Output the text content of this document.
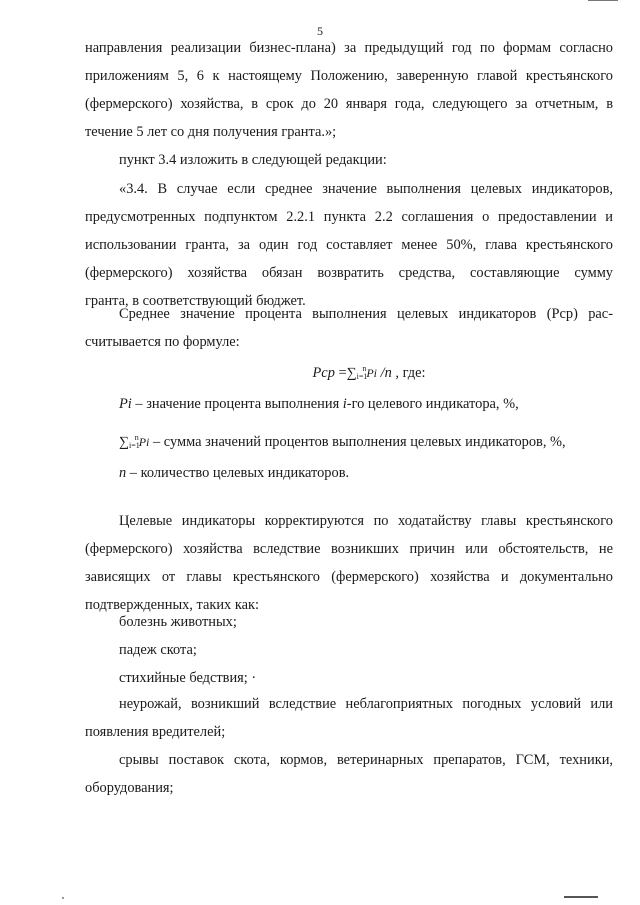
5
направления реализации бизнес-плана) за предыдущий год по формам согласно
приложениям 5, 6 к настоящему Положению, заверенную главой крестьянского
(фермерского) хозяйства, в срок до 20 января года, следующего за отчетным, в
течение 5 лет со дня получения гранта.»;
пункт 3.4 изложить в следующей редакции:
«3.4. В случае если среднее значение выполнения целевых индикаторов,
предусмотренных подпунктом 2.2.1 пункта 2.2 соглашения о предоставлении и
использовании гранта, за один год составляет менее 50%, глава крестьянского
(фермерского) хозяйства обязан возвратить средства, составляющие сумму
гранта, в соответствующий бюджет.
Среднее значение процента выполнения целевых индикаторов (Pср) рас-
считывается по формуле:
Pср $=\sum_{i=1}^nPi$ /n , где:
Pi – значение процента выполнения i-го целевого индикатора, %,
$\sum_{i=1}^nPi$ – сумма значений процентов выполнения целевых индикаторов, %,
n – количество целевых индикаторов.
Целевые индикаторы корректируются по ходатайству главы крестьянского
(фермерского) хозяйства вследствие возникших причин или обстоятельств, не
зависящих от главы крестьянского (фермерского) хозяйства и документально
подтвержденных, таких как:
болезнь животных;
падеж скота;
стихийные бедствия; ·
неурожай, возникший вследствие неблагоприятных погодных условий или
появления вредителей;
срывы поставок скота, кормов, ветеринарных препаратов, ГСМ, техники,
оборудования;
